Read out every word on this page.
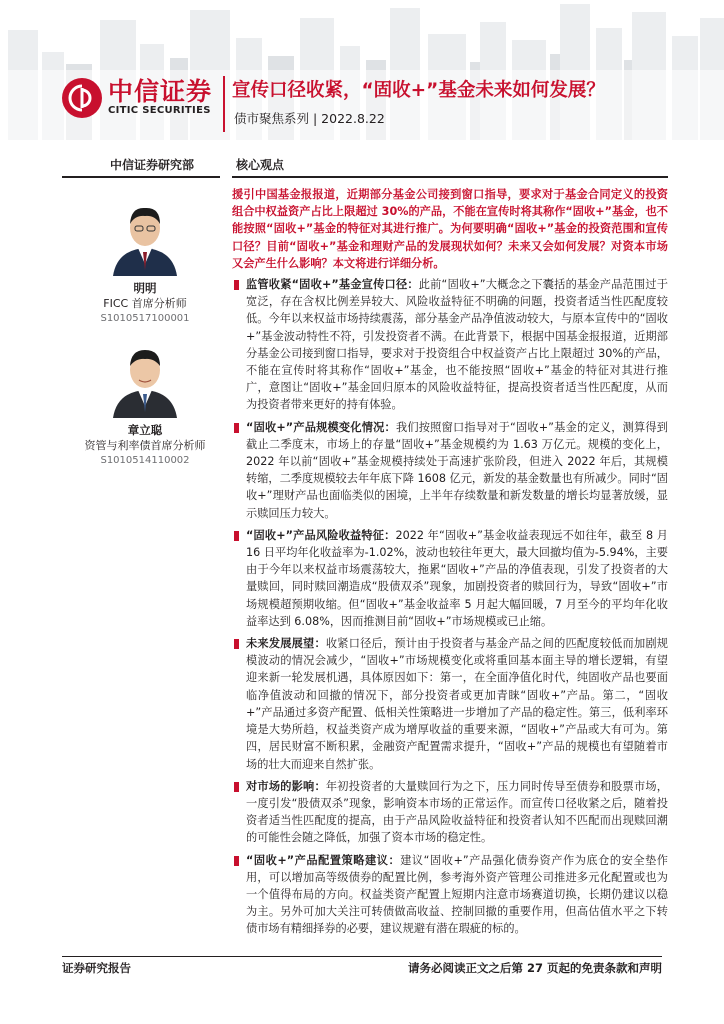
中信证券
CITIC SECURITIES
宣传口径收紧，“固收+”基金未来如何发展？
债市聚焦系列 | 2022.8.22
中信证券研究部	核心观点
明明
FICC 首席分析师
S1010517100001
章立聪
资管与利率债首席分析师
S1010514110002

援引中国基金报报道，近期部分基金公司接到窗口指导，要求对于基金合同定义的投资组合中权益资产占比上限超过 30%的产品，不能在宣传时将其称作“固收+”基金，也不能按照“固收+”基金的特征对其进行推广。为何要明确“固收+”基金的投资范围和宣传口径？目前“固收+”基金和理财产品的发展现状如何？未来又会如何发展？对资本市场又会产生什么影响？本文将进行详细分析。

监管收紧“固收+”基金宣传口径：此前“固收+”大概念之下囊括的基金产品范围过于宽泛，存在含权比例差异较大、风险收益特征不明确的问题，投资者适当性匹配度较低。今年以来权益市场持续震荡，部分基金产品净值波动较大，与原本宣传中的“固收+”基金波动特性不符，引发投资者不满。在此背景下，根据中国基金报报道，近期部分基金公司接到窗口指导，要求对于投资组合中权益资产占比上限超过 30%的产品，不能在宣传时将其称作“固收+”基金，也不能按照“固收+”基金的特征对其进行推广，意图让“固收+”基金回归原本的风险收益特征，提高投资者适当性匹配度，从而为投资者带来更好的持有体验。
“固收+”产品规模变化情况：我们按照窗口指导对于“固收+”基金的定义，测算得到截止二季度末，市场上的存量“固收+”基金规模约为 1.63 万亿元。规模的变化上，2022 年以前“固收+”基金规模持续处于高速扩张阶段，但进入 2022 年后，其规模转缩，二季度规模较去年年底下降 1608 亿元，新发的基金数量也有所减少。同时“固收+”理财产品也面临类似的困境，上半年存续数量和新发数量的增长均显著放缓，显示赎回压力较大。
“固收+”产品风险收益特征：2022 年“固收+”基金收益表现远不如往年，截至 8 月 16 日平均年化收益率为-1.02%，波动也较往年更大，最大回撤均值为-5.94%，主要由于今年以来权益市场震荡较大，拖累“固收+”产品的净值表现，引发了投资者的大量赎回，同时赎回潮造成“股债双杀”现象，加剧投资者的赎回行为，导致“固收+”市场规模超预期收缩。但“固收+”基金收益率 5 月起大幅回暖，7 月至今的平均年化收益率达到 6.08%，因而推测目前“固收+”市场规模或已止缩。
未来发展展望：收紧口径后，预计由于投资者与基金产品之间的匹配度较低而加剧规模波动的情况会减少，“固收+”市场规模变化或将重回基本面主导的增长逻辑，有望迎来新一轮发展机遇，具体原因如下：第一，在全面净值化时代，纯固收产品也要面临净值波动和回撤的情况下，部分投资者或更加青睐“固收+”产品。第二，“固收+”产品通过多资产配置、低相关性策略进一步增加了产品的稳定性。第三，低利率环境是大势所趋，权益类资产成为增厚收益的重要来源，“固收+”产品或大有可为。第四，居民财富不断积累，金融资产配置需求提升，“固收+”产品的规模也有望随着市场的壮大而迎来自然扩张。
对市场的影响：年初投资者的大量赎回行为之下，压力同时传导至债券和股票市场，一度引发“股债双杀”现象，影响资本市场的正常运作。而宣传口径收紧之后，随着投资者适当性匹配度的提高，由于产品风险收益特征和投资者认知不匹配而出现赎回潮的可能性会随之降低，加强了资本市场的稳定性。
“固收+”产品配置策略建议：建议“固收+”产品强化债券资产作为底仓的安全垫作用，可以增加高等级债券的配置比例，参考海外资产管理公司推进多元化配置或也为一个值得布局的方向。权益类资产配置上短期内注意市场赛道切换，长期仍建议以稳为主。另外可加大关注可转债做高收益、控制回撤的重要作用，但高估值水平之下转债市场有精细择券的必要，建议规避有潜在瑕疵的标的。
证券研究报告	请务必阅读正文之后第 27 页起的免责条款和声明
